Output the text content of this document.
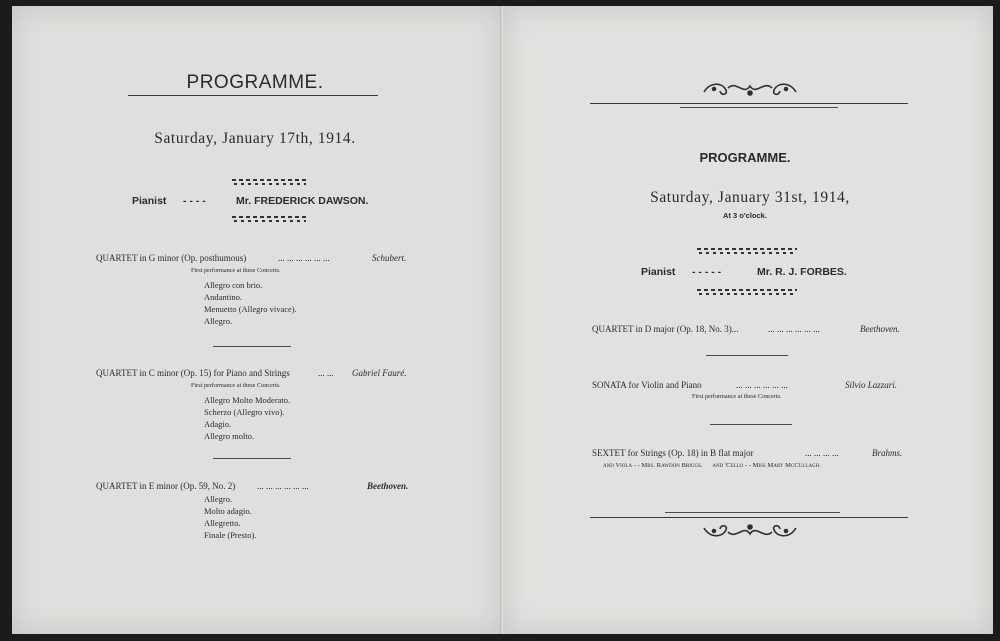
PROGRAMME.
Saturday, January 17th, 1914.
Pianist - - - -	Mr. FREDERICK DAWSON.
QUARTET in G minor (Op. posthumous)	... ... ... ... ... ...	Schubert.
First performance at these Concerts.
Allegro con brio.
Andantino.
Menuetto (Allegro vivace).
Allegro.
QUARTET in C minor (Op. 15) for Piano and Strings	... ... Gabriel Fauré.
First performance at these Concerts.
Allegro Molto Moderato.
Scherzo (Allegro vivo).
Adagio.
Allegro molto.
QUARTET in E minor (Op. 59, No. 2) ... ... ... ... ... ...	Beethoven.
Allegro.
Molto adagio.
Allegretto.
Finale (Presto).
PROGRAMME.
Saturday, January 31st, 1914,
At 3 o'clock.
Pianist - - - - -	Mr. R. J. FORBES.
QUARTET in D major (Op. 18, No. 3)...	... ... ... ... ... ...	Beethoven.
SONATA for Violin and Piano	... ... ... ... ... ...	Silvio Lazzari.
First performance at these Concerts.
SEXTET for Strings (Op. 18) in B flat major	... ... ... ...	Brahms.
and Viola - - Mrs. Rawdon Briggs.      and 'Cello - - Miss Mary McCullagh.
